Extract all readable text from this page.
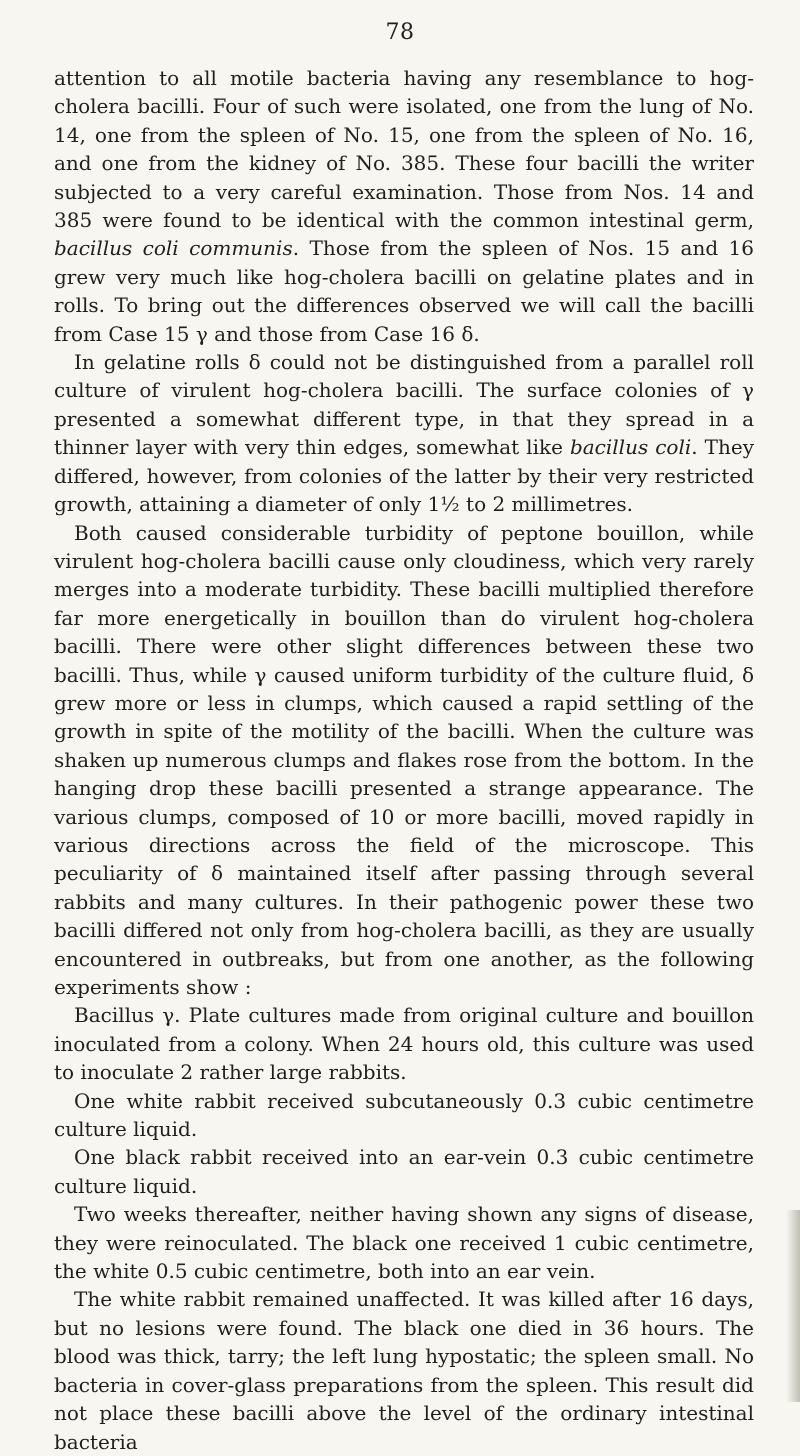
78

attention to all motile bacteria having any resemblance to hog-cholera bacilli. Four of such were isolated, one from the lung of No. 14, one from the spleen of No. 15, one from the spleen of No. 16, and one from the kidney of No. 385. These four bacilli the writer subjected to a very careful examination. Those from Nos. 14 and 385 were found to be identical with the common intestinal germ, bacillus coli communis. Those from the spleen of Nos. 15 and 16 grew very much like hog-cholera bacilli on gelatine plates and in rolls. To bring out the differences observed we will call the bacilli from Case 15 γ and those from Case 16 δ.

In gelatine rolls δ could not be distinguished from a parallel roll culture of virulent hog-cholera bacilli. The surface colonies of γ presented a somewhat different type, in that they spread in a thinner layer with very thin edges, somewhat like bacillus coli. They differed, however, from colonies of the latter by their very restricted growth, attaining a diameter of only 1½ to 2 millimetres.

Both caused considerable turbidity of peptone bouillon, while virulent hog-cholera bacilli cause only cloudiness, which very rarely merges into a moderate turbidity. These bacilli multiplied therefore far more energetically in bouillon than do virulent hog-cholera bacilli. There were other slight differences between these two bacilli. Thus, while γ caused uniform turbidity of the culture fluid, δ grew more or less in clumps, which caused a rapid settling of the growth in spite of the motility of the bacilli. When the culture was shaken up numerous clumps and flakes rose from the bottom. In the hanging drop these bacilli presented a strange appearance. The various clumps, composed of 10 or more bacilli, moved rapidly in various directions across the field of the microscope. This peculiarity of δ maintained itself after passing through several rabbits and many cultures. In their pathogenic power these two bacilli differed not only from hog-cholera bacilli, as they are usually encountered in outbreaks, but from one another, as the following experiments show :

Bacillus γ. Plate cultures made from original culture and bouillon inoculated from a colony. When 24 hours old, this culture was used to inoculate 2 rather large rabbits.

One white rabbit received subcutaneously 0.3 cubic centimetre culture liquid.

One black rabbit received into an ear-vein 0.3 cubic centimetre culture liquid.

Two weeks thereafter, neither having shown any signs of disease, they were reinoculated. The black one received 1 cubic centimetre, the white 0.5 cubic centimetre, both into an ear vein.

The white rabbit remained unaffected. It was killed after 16 days, but no lesions were found. The black one died in 36 hours. The blood was thick, tarry; the left lung hypostatic; the spleen small. No bacteria in cover-glass preparations from the spleen. This result did not place these bacilli above the level of the ordinary intestinal bacteria
